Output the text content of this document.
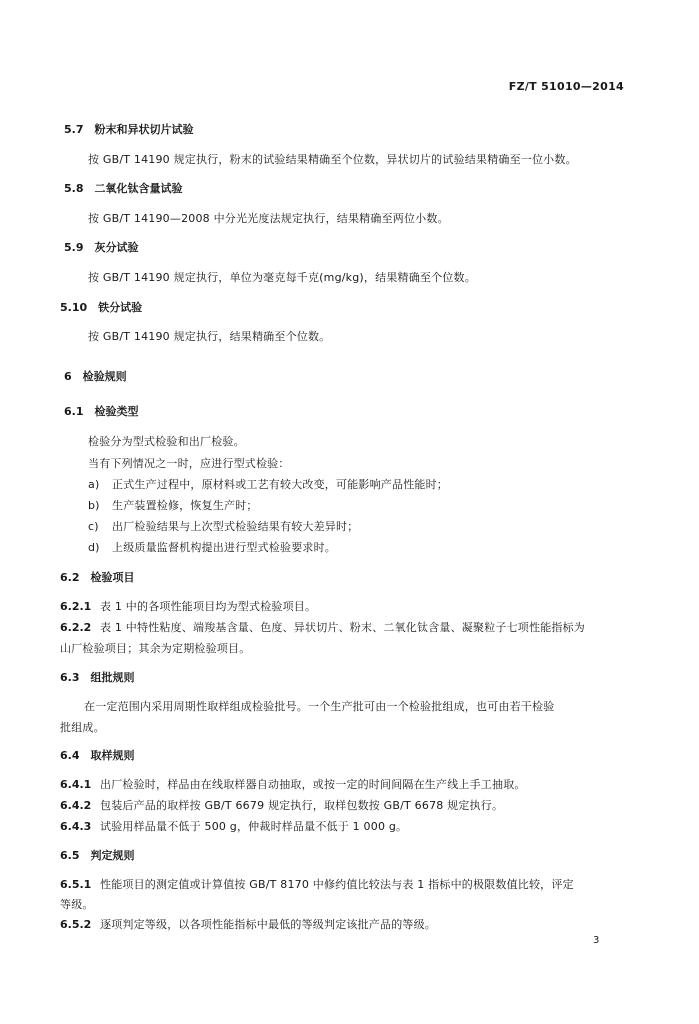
FZ/T 51010—2014
5.7　粉末和异状切片试验
按 GB/T 14190 规定执行，粉末的试验结果精确至个位数，异状切片的试验结果精确至一位小数。
5.8　二氧化钛含量试验
按 GB/T 14190—2008 中分光光度法规定执行，结果精确至两位小数。
5.9　灰分试验
按 GB/T 14190 规定执行，单位为毫克每千克(mg/kg)，结果精确至个位数。
5.10　铁分试验
按 GB/T 14190 规定执行，结果精确至个位数。
6　检验规则
6.1　检验类型
检验分为型式检验和出厂检验。
当有下列情况之一时，应进行型式检验：
a) 正式生产过程中，原材料或工艺有较大改变，可能影响产品性能时；
b) 生产装置检修，恢复生产时；
c) 出厂检验结果与上次型式检验结果有较大差异时；
d) 上级质量监督机构提出进行型式检验要求时。
6.2　检验项目
6.2.1 表 1 中的各项性能项目均为型式检验项目。
6.2.2 表 1 中特性粘度、端羧基含量、色度、异状切片、粉末、二氧化钛含量、凝聚粒子七项性能指标为
山厂检验项目；其余为定期检验项目。
6.3　组批规则
在一定范围内采用周期性取样组成检验批号。一个生产批可由一个检验批组成，也可由若干检验
批组成。
6.4　取样规则
6.4.1 出厂检验时，样品由在线取样器自动抽取，或按一定的时间间隔在生产线上手工抽取。
6.4.2 包装后产品的取样按 GB/T 6679 规定执行，取样包数按 GB/T 6678 规定执行。
6.4.3 试验用样品量不低于 500 g，仲裁时样品量不低于 1 000 g。
6.5　判定规则
6.5.1 性能项目的测定值或计算值按 GB/T 8170 中修约值比较法与表 1 指标中的极限数值比较，评定
等级。
6.5.2 逐项判定等级，以各项性能指标中最低的等级判定该批产品的等级。
3
